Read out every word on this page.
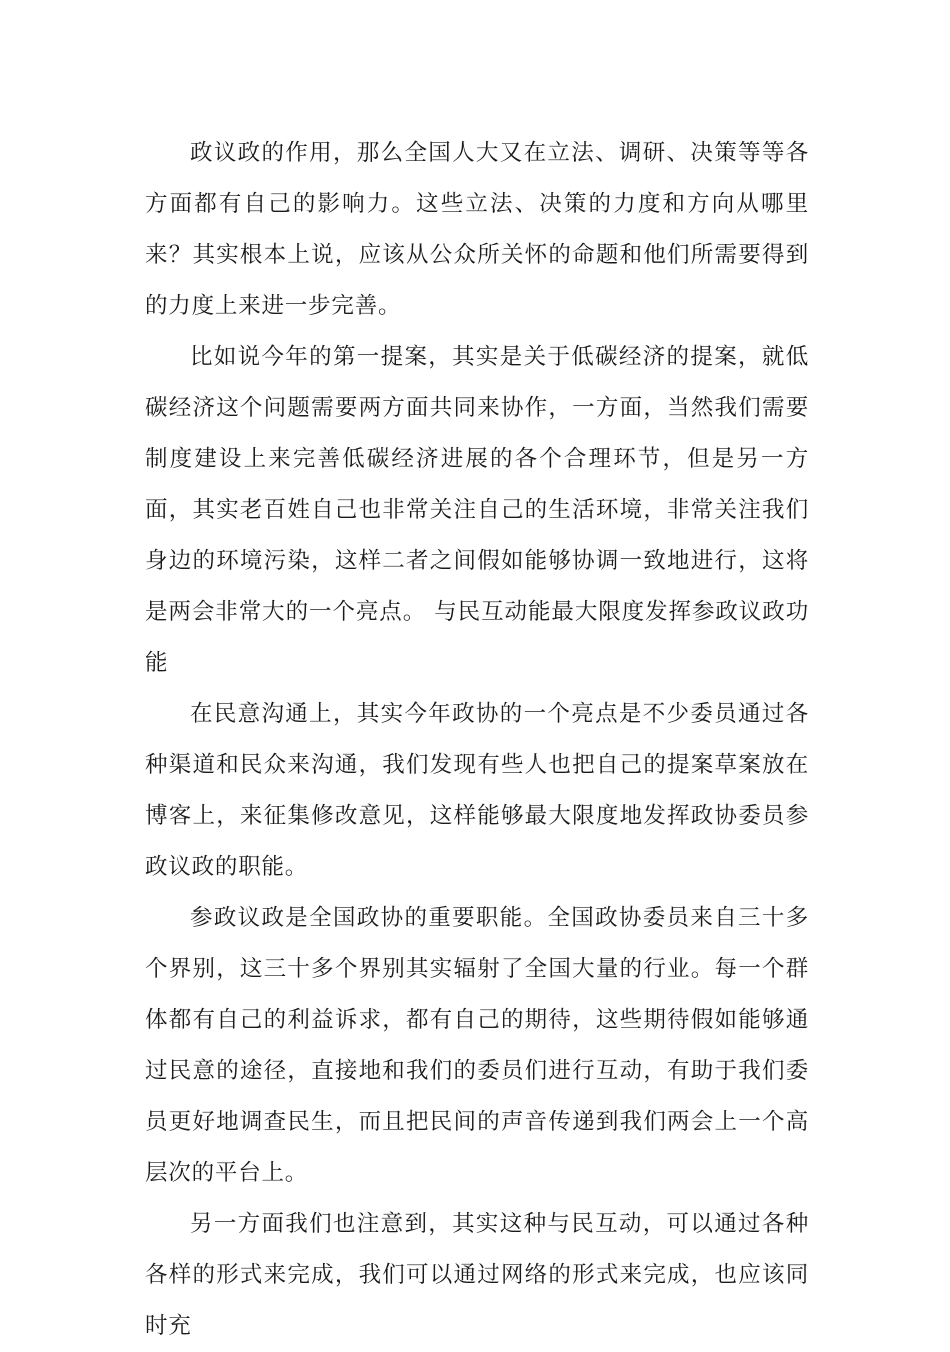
政议政的作用，那么全国人大又在立法、调研、决策等等各方面都有自己的影响力。这些立法、决策的力度和方向从哪里来？其实根本上说，应该从公众所关怀的命题和他们所需要得到的力度上来进一步完善。

比如说今年的第一提案，其实是关于低碳经济的提案，就低碳经济这个问题需要两方面共同来协作，一方面，当然我们需要制度建设上来完善低碳经济进展的各个合理环节，但是另一方面，其实老百姓自己也非常关注自己的生活环境，非常关注我们身边的环境污染，这样二者之间假如能够协调一致地进行，这将是两会非常大的一个亮点。 与民互动能最大限度发挥参政议政功能

在民意沟通上，其实今年政协的一个亮点是不少委员通过各种渠道和民众来沟通，我们发现有些人也把自己的提案草案放在博客上，来征集修改意见，这样能够最大限度地发挥政协委员参政议政的职能。

参政议政是全国政协的重要职能。全国政协委员来自三十多个界别，这三十多个界别其实辐射了全国大量的行业。每一个群体都有自己的利益诉求，都有自己的期待，这些期待假如能够通过民意的途径，直接地和我们的委员们进行互动，有助于我们委员更好地调查民生，而且把民间的声音传递到我们两会上一个高层次的平台上。

另一方面我们也注意到，其实这种与民互动，可以通过各种各样的形式来完成，我们可以通过网络的形式来完成，也应该同时充
